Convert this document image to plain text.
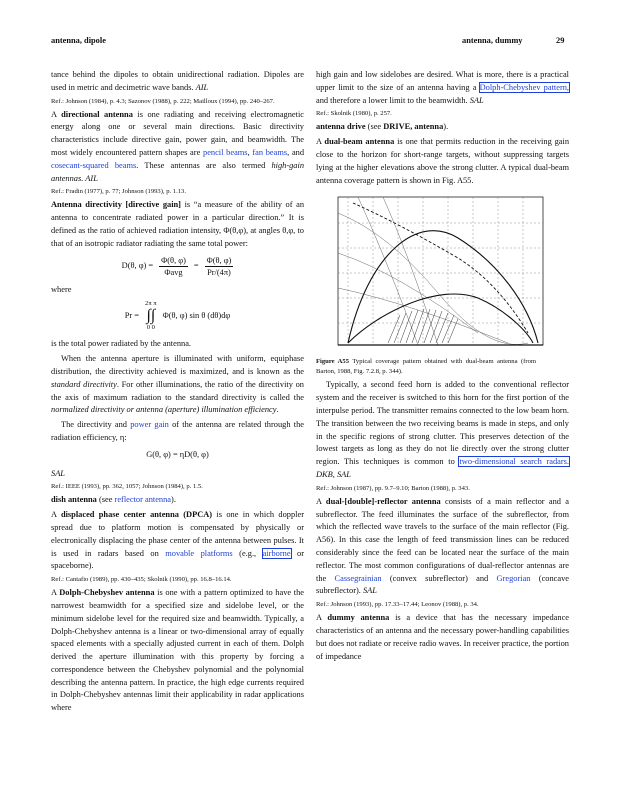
antenna, dipole	antenna, dummy	29

tance behind the dipoles to obtain unidirectional radiation. Dipoles are used in metric and decimetric wave bands. AIL

Ref.: Johnson (1984), p. 4.3; Sazonov (1988), p. 222; Mailloux (1994), pp. 240–267.

A directional antenna is one radiating and receiving electromagnetic energy along one or several main directions. Basic directivity characteristics include directive gain, power gain, and beamwidth. The most widely encountered pattern shapes are pencil beams, fan beams, and cosecant-squared beams. These antennas are also termed high-gain antennas. AIL

Ref.: Fradin (1977), p. 77; Johnson (1993), p. 1.13.

Antenna directivity [directive gain] is “a measure of the ability of an antenna to concentrate radiated power in a particular direction.” It is defined as the ratio of achieved radiation intensity, Φ(θ,φ), at angles θ,φ, to that of an isotropic radiator radiating the same total power:

D(θ, $\varphi) = \frac{\Phi(\theta, \varphi)}{\text{Φavg}} = \frac{\Phi(\theta, \varphi)}{Pr/(4\pi)}$

where

Pr =
2π π
∫∫
0 0
Φ(θ, φ) sin θ (dθ)dφ

is the total power radiated by the antenna.

When the antenna aperture is illuminated with uniform, equiphase distribution, the directivity achieved is maximized, and is known as the standard directivity. For other illuminations, the ratio of the directivity on the axis of maximum radiation to the standard directivity is called the normalized directivity or antenna (aperture) illumination efficiency.

The directivity and power gain of the antenna are related through the radiation efficiency, η:

G(θ, φ) = ηD(θ, φ)

SAL

Ref.: IEEE (1993), pp. 362, 1057; Johnson (1984), p. 1.5.

dish antenna (see reflector antenna).

A displaced phase center antenna (DPCA) is one in which doppler spread due to platform motion is compensated by physically or electronically displacing the phase center of the antenna between pulses. It is used in radars based on movable platforms (e.g., airborne or spaceborne).

Ref.: Cantafio (1989), pp. 430–435; Skolnik (1990), pp. 16.8–16.14.

A Dolph-Chebyshev antenna is one with a pattern optimized to have the narrowest beamwidth for a specified size and sidelobe level, or the minimum sidelobe level for the required size and beamwidth. Typically, a Dolph-Chebyshev antenna is a linear or two-dimensional array of equally spaced elements with a specially adjusted current in each of them. Dolph derived the aperture illumination with this property by forcing a correspondence between the Chebyshev polynomial and the polynomial describing the antenna pattern. In practice, the high edge currents required in Dolph-Chebyshev antennas limit their applicability in radar applications where

high gain and low sidelobes are desired. What is more, there is a practical upper limit to the size of an antenna having a Dolph-Chebyshev pattern, and therefore a lower limit to the beamwidth. SAL

Ref.: Skolnik (1980), p. 257.

antenna drive (see DRIVE, antenna).

A dual-beam antenna is one that permits reduction in the receiving gain close to the horizon for short-range targets, without suppressing targets lying at the higher elevations above the strong clutter. A typical dual-beam antenna coverage pattern is shown in Fig. A55.

Figure A55 Typical coverage pattern obtained with dual-beam antenna (from Barton, 1988, Fig. 7.2.8, p. 344).

Typically, a second feed horn is added to the conventional reflector system and the receiver is switched to this horn for the first portion of the interpulse period. The transmitter remains connected to the low beam horn. The transition between the two receiving beams is made in steps, and only in the specific regions of strong clutter. This preserves detection of the lowest targets as long as they do not lie directly over the strong clutter region. This techniques is common to two-dimensional search radars. DKB, SAL

Ref.: Johnson (1987), pp. 9.7–9.10; Barton (1988), p. 343.

A dual-[double]-reflector antenna consists of a main reflector and a subreflector. The feed illuminates the surface of the subreflector, from which the reflected wave travels to the surface of the main reflector (Fig. A56). In this case the length of feed transmission lines can be reduced considerably since the feed can be located near the surface of the main reflector. The most common configurations of dual-reflector antennas are the Cassegrainian (convex subreflector) and Gregorian (concave subreflector). SAL

Ref.: Johnson (1993), pp. 17.33–17.44; Leonov (1988), p. 34.

A dummy antenna is a device that has the necessary impedance characteristics of an antenna and the necessary power-handling capabilities but does not radiate or receive radio waves. In receiver practice, the portion of impedance
